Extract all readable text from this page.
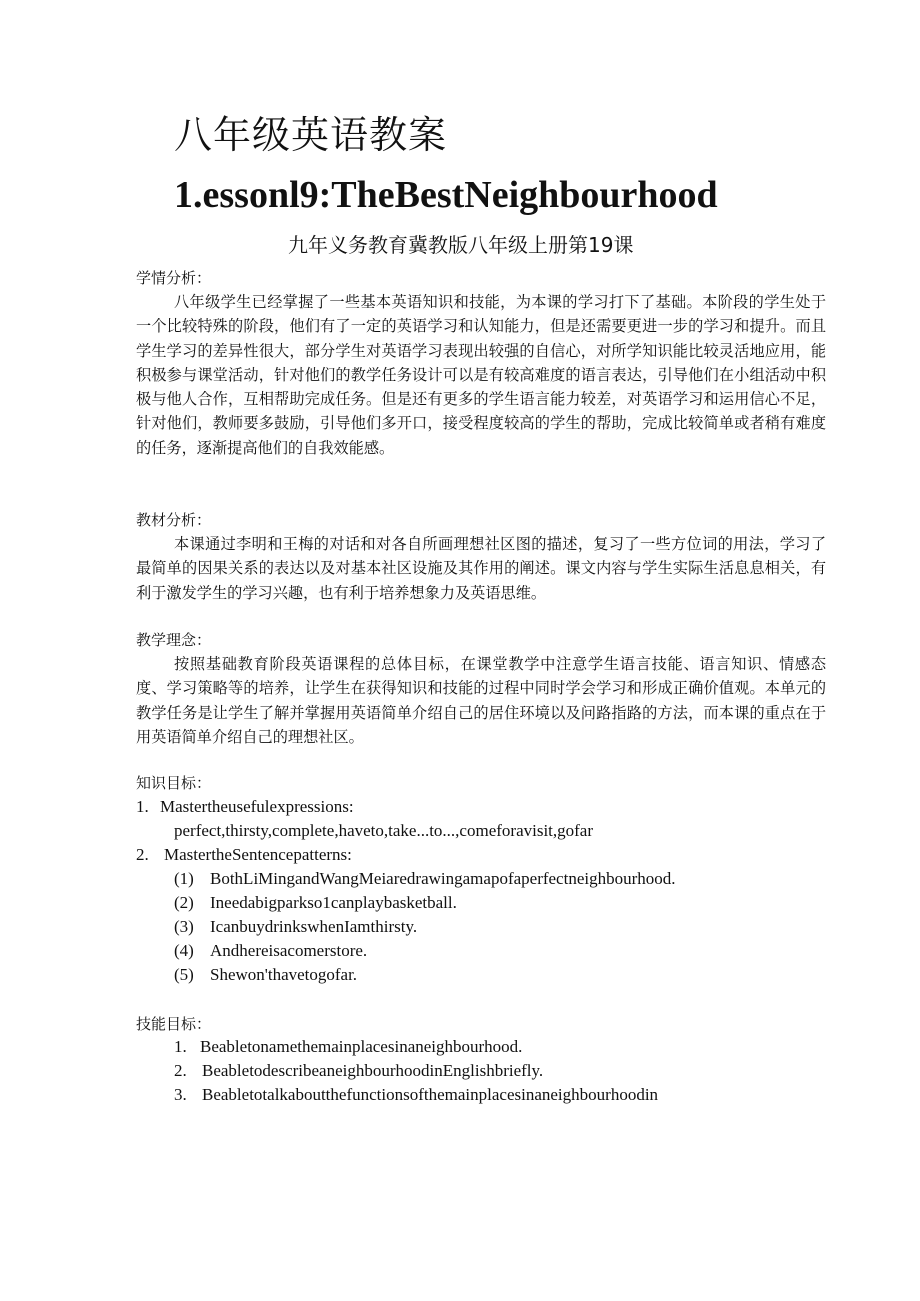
八年级英语教案
1.essonl9:TheBestNeighbourhood
九年义务教育冀教版八年级上册第19课
学情分析：
八年级学生已经掌握了一些基本英语知识和技能，为本课的学习打下了基础。本阶段的学生处于一个比较特殊的阶段，他们有了一定的英语学习和认知能力，但是还需要更进一步的学习和提升。而且学生学习的差异性很大，部分学生对英语学习表现出较强的自信心，对所学知识能比较灵活地应用，能积极参与课堂活动，针对他们的教学任务设计可以是有较高难度的语言表达，引导他们在小组活动中积极与他人合作，互相帮助完成任务。但是还有更多的学生语言能力较差，对英语学习和运用信心不足，针对他们，教师要多鼓励，引导他们多开口，接受程度较高的学生的帮助，完成比较简单或者稍有难度的任务，逐渐提高他们的自我效能感。
教材分析：
本课通过李明和王梅的对话和对各自所画理想社区图的描述，复习了一些方位词的用法，学习了最简单的因果关系的表达以及对基本社区设施及其作用的阐述。课文内容与学生实际生活息息相关，有利于激发学生的学习兴趣，也有利于培养想象力及英语思维。
教学理念：
按照基础教育阶段英语课程的总体目标，在课堂教学中注意学生语言技能、语言知识、情感态度、学习策略等的培养，让学生在获得知识和技能的过程中同时学会学习和形成正确价值观。本单元的教学任务是让学生了解并掌握用英语简单介绍自己的居住环境以及问路指路的方法，而本课的重点在于用英语简单介绍自己的理想社区。
知识目标：
1. Mastertheusefulexpressions:
perfect,thirsty,complete,haveto,take...to...,comeforavisit,gofar
2. MastertheSentencepatterns:
(1) BothLiMingandWangMeiaredrawingamapofaperfectneighbourhood.
(2) Ineedabigparkso1canplaybasketball.
(3) IcanbuydrinkswhenIamthirsty.
(4) Andhereisacomerstore.
(5) Shewon'thavetogofar.
技能目标：
1. Beabletonamethemainplacesinaneighbourhood.
2. BeabletodescribeaneighbourhoodinEnglishbriefly.
3. Beabletotalkaboutthefunctionsofthemainplacesinaneighbourhoodin
